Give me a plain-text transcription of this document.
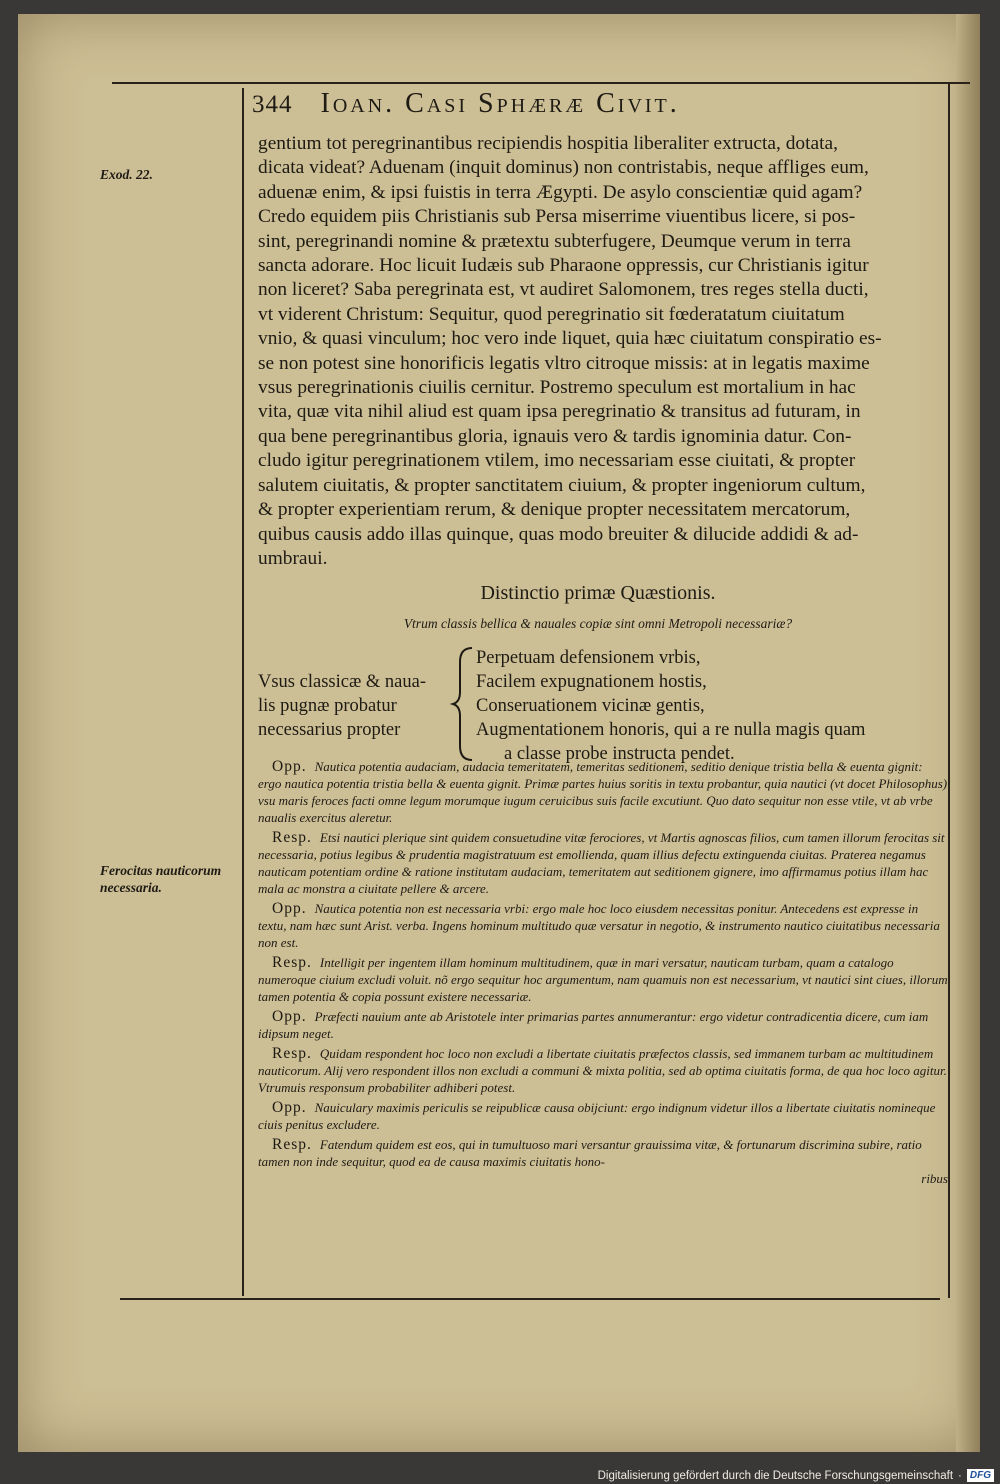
344 Ioan. Casi Sphæræ Civit.
Exod. 22.
Ferocitas nauticorum necessaria.
gentium tot peregrinantibus recipiendis hospitia liberaliter extructa, dotata,
dicata videat? Aduenam (inquit dominus) non contristabis, neque affliges eum,
aduenæ enim, & ipsi fuistis in terra Ægypti. De asylo conscientiæ quid agam?
Credo equidem piis Christianis sub Persa miserrime viuentibus licere, si pos-
sint, peregrinandi nomine & prætextu subterfugere, Deumque verum in terra
sancta adorare. Hoc licuit Iudæis sub Pharaone oppressis, cur Christianis igitur
non liceret? Saba peregrinata est, vt audiret Salomonem, tres reges stella ducti,
vt viderent Christum: Sequitur, quod peregrinatio sit fœderatatum ciuitatum
vnio, & quasi vinculum; hoc vero inde liquet, quia hæc ciuitatum conspiratio es-
se non potest sine honorificis legatis vltro citroque missis: at in legatis maxime
vsus peregrinationis ciuilis cernitur. Postremo speculum est mortalium in hac
vita, quæ vita nihil aliud est quam ipsa peregrinatio & transitus ad futuram, in
qua bene peregrinantibus gloria, ignauis vero & tardis ignominia datur. Con-
cludo igitur peregrinationem vtilem, imo necessariam esse ciuitati, & propter
salutem ciuitatis, & propter sanctitatem ciuium, & propter ingeniorum cultum,
& propter experientiam rerum, & denique propter necessitatem mercatorum,
quibus causis addo illas quinque, quas modo breuiter & dilucide addidi & ad-
umbraui.
Distinctio primæ Quæstionis.
Vtrum classis bellica & nauales copiæ sint omni Metropoli necessariæ?
Vsus classicæ & naua-
lis pugnæ probatur
necessarius propter
Perpetuam defensionem vrbis,
Facilem expugnationem hostis,
Conseruationem vicinæ gentis,
Augmentationem honoris, qui a re nulla magis quam
a classe probe instructa pendet.
Opp. Nautica potentia audaciam, audacia temeritatem, temeritas seditionem, seditio denique tristia bella & euenta gignit: ergo nautica potentia tristia bella & euenta gignit. Primæ partes huius soritis in textu probantur, quia nautici (vt docet Philosophus) vsu maris feroces facti omne legum morumque iugum ceruicibus suis facile excutiunt. Quo dato sequitur non esse vtile, vt ab vrbe naualis exercitus aleretur.
Resp. Etsi nautici plerique sint quidem consuetudine vitæ ferociores, vt Martis agnoscas filios, cum tamen illorum ferocitas sit necessaria, potius legibus & prudentia magistratuum est emollienda, quam illius defectu extinguenda ciuitas. Praterea negamus nauticam potentiam ordine & ratione institutam audaciam, temeritatem aut seditionem gignere, imo affirmamus potius illam hac mala ac monstra a ciuitate pellere & arcere.
Opp. Nautica potentia non est necessaria vrbi: ergo male hoc loco eiusdem necessitas ponitur. Antecedens est expresse in textu, nam hæc sunt Arist. verba. Ingens hominum multitudo quæ versatur in negotio, & instrumento nautico ciuitatibus necessaria non est.
Resp. Intelligit per ingentem illam hominum multitudinem, quæ in mari versatur, nauticam turbam, quam a catalogo numeroque ciuium excludi voluit. nõ ergo sequitur hoc argumentum, nam quamuis non est necessarium, vt nautici sint ciues, illorum tamen potentia & copia possunt existere necessariæ.
Opp. Præfecti nauium ante ab Aristotele inter primarias partes annumerantur: ergo videtur contradicentia dicere, cum iam idipsum neget.
Resp. Quidam respondent hoc loco non excludi a libertate ciuitatis præfectos classis, sed immanem turbam ac multitudinem nauticorum. Alij vero respondent illos non excludi a communi & mixta politia, sed ab optima ciuitatis forma, de qua hoc loco agitur. Vtrumuis responsum probabiliter adhiberi potest.
Opp. Nauiculary maximis periculis se reipublicæ causa obijciunt: ergo indignum videtur illos a libertate ciuitatis nomineque ciuis penitus excludere.
Resp. Fatendum quidem est eos, qui in tumultuoso mari versantur grauissima vitæ, & fortunarum discrimina subire, ratio tamen non inde sequitur, quod ea de causa maximis ciuitatis hono-
ribus
Digitalisierung gefördert durch die Deutsche Forschungsgemeinschaft · DFG
